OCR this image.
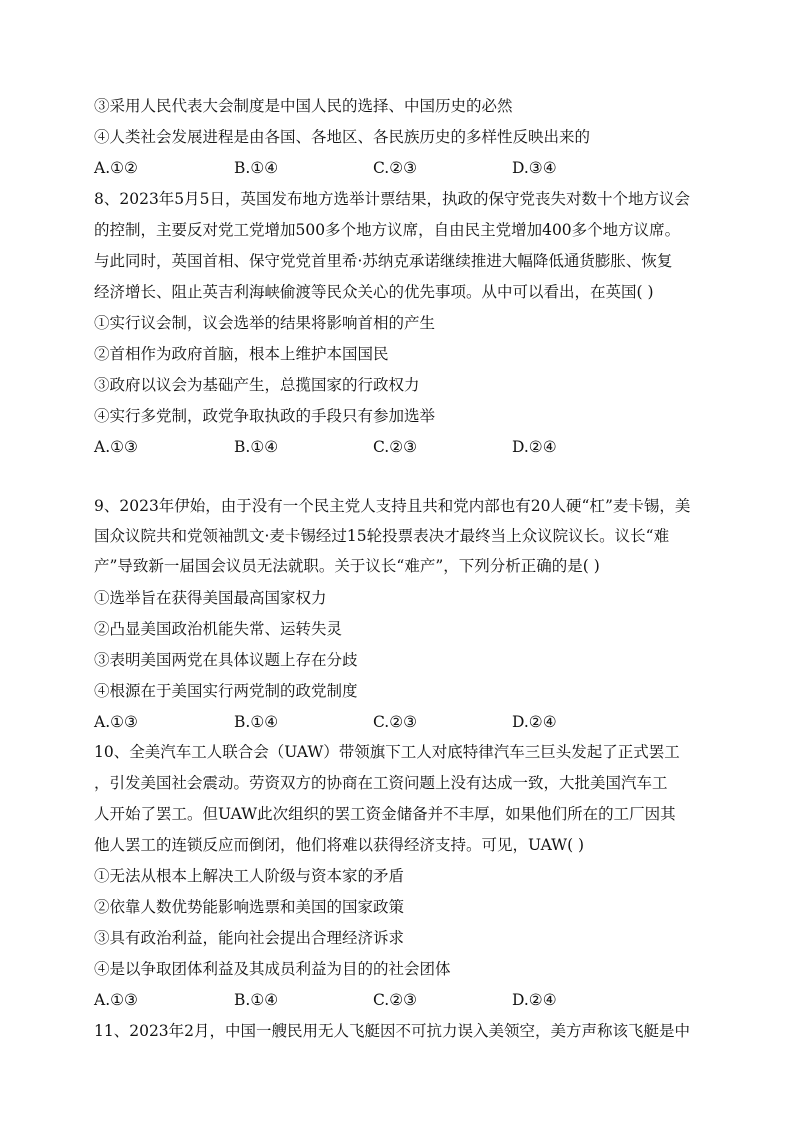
③采用人民代表大会制度是中国人民的选择、中国历史的必然
④人类社会发展进程是由各国、各地区、各民族历史的多样性反映出来的
A.①②	B.①④	C.②③	D.③④
8、2023年5月5日，英国发布地方选举计票结果，执政的保守党丧失对数十个地方议会
的控制，主要反对党工党增加500多个地方议席，自由民主党增加400多个地方议席。
与此同时，英国首相、保守党党首里希·苏纳克承诺继续推进大幅降低通货膨胀、恢复
经济增长、阻止英吉利海峡偷渡等民众关心的优先事项。从中可以看出，在英国( )
①实行议会制，议会选举的结果将影响首相的产生
②首相作为政府首脑，根本上维护本国国民
③政府以议会为基础产生，总揽国家的行政权力
④实行多党制，政党争取执政的手段只有参加选举
A.①③	B.①④	C.②③	D.②④
9、2023年伊始，由于没有一个民主党人支持且共和党内部也有20人硬“杠”麦卡锡，美
国众议院共和党领袖凯文·麦卡锡经过15轮投票表决才最终当上众议院议长。议长“难
产”导致新一届国会议员无法就职。关于议长“难产”，下列分析正确的是( )
①选举旨在获得美国最高国家权力
②凸显美国政治机能失常、运转失灵
③表明美国两党在具体议题上存在分歧
④根源在于美国实行两党制的政党制度
A.①③	B.①④	C.②③	D.②④
10、全美汽车工人联合会（UAW）带领旗下工人对底特律汽车三巨头发起了正式罢工
，引发美国社会震动。劳资双方的协商在工资问题上没有达成一致，大批美国汽车工
人开始了罢工。但UAW此次组织的罢工资金储备并不丰厚，如果他们所在的工厂因其
他人罢工的连锁反应而倒闭，他们将难以获得经济支持。可见，UAW( )
①无法从根本上解决工人阶级与资本家的矛盾
②依靠人数优势能影响选票和美国的国家政策
③具有政治利益，能向社会提出合理经济诉求
④是以争取团体利益及其成员利益为目的的社会团体
A.①③	B.①④	C.②③	D.②④
11、2023年2月，中国一艘民用无人飞艇因不可抗力误入美领空，美方声称该飞艇是中
